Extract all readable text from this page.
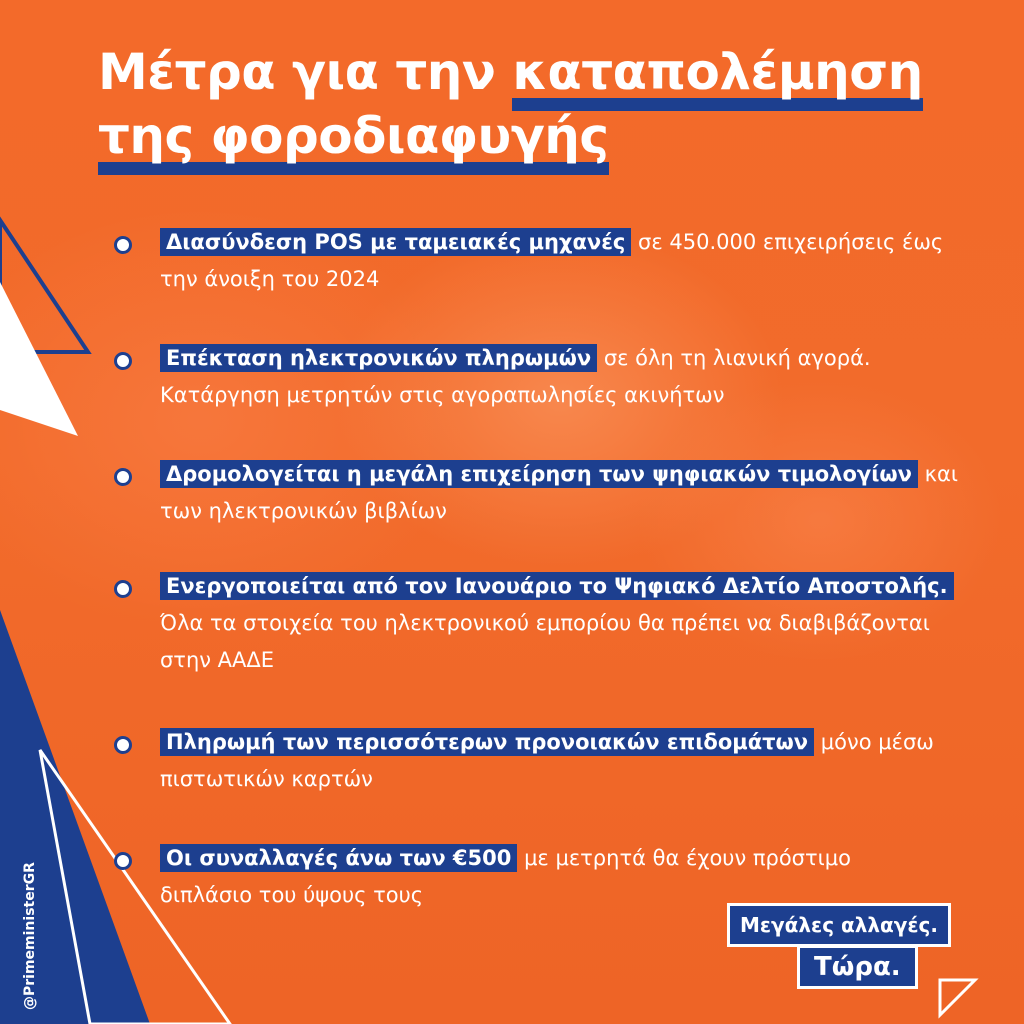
Μέτρα για την καταπολέμηση
της φοροδιαφυγής
Διασύνδεση POS με ταμειακές μηχανές σε 450.000 επιχειρήσεις έως την άνοιξη του 2024
Επέκταση ηλεκτρονικών πληρωμών σε όλη τη λιανική αγορά. Κατάργηση μετρητών στις αγοραπωλησίες ακινήτων
Δρομολογείται η μεγάλη επιχείρηση των ψηφιακών τιμολογίων και των ηλεκτρονικών βιβλίων
Ενεργοποιείται από τον Ιανουάριο το Ψηφιακό Δελτίο Αποστολής. Όλα τα στοιχεία του ηλεκτρονικού εμπορίου θα πρέπει να διαβιβάζονται στην ΑΑΔΕ
Πληρωμή των περισσότερων προνοιακών επιδομάτων μόνο μέσω πιστωτικών καρτών
Οι συναλλαγές άνω των €500 με μετρητά θα έχουν πρόστιμο διπλάσιο του ύψους τους
@PrimeministerGR	Μεγάλες αλλαγές.
Τώρα.
